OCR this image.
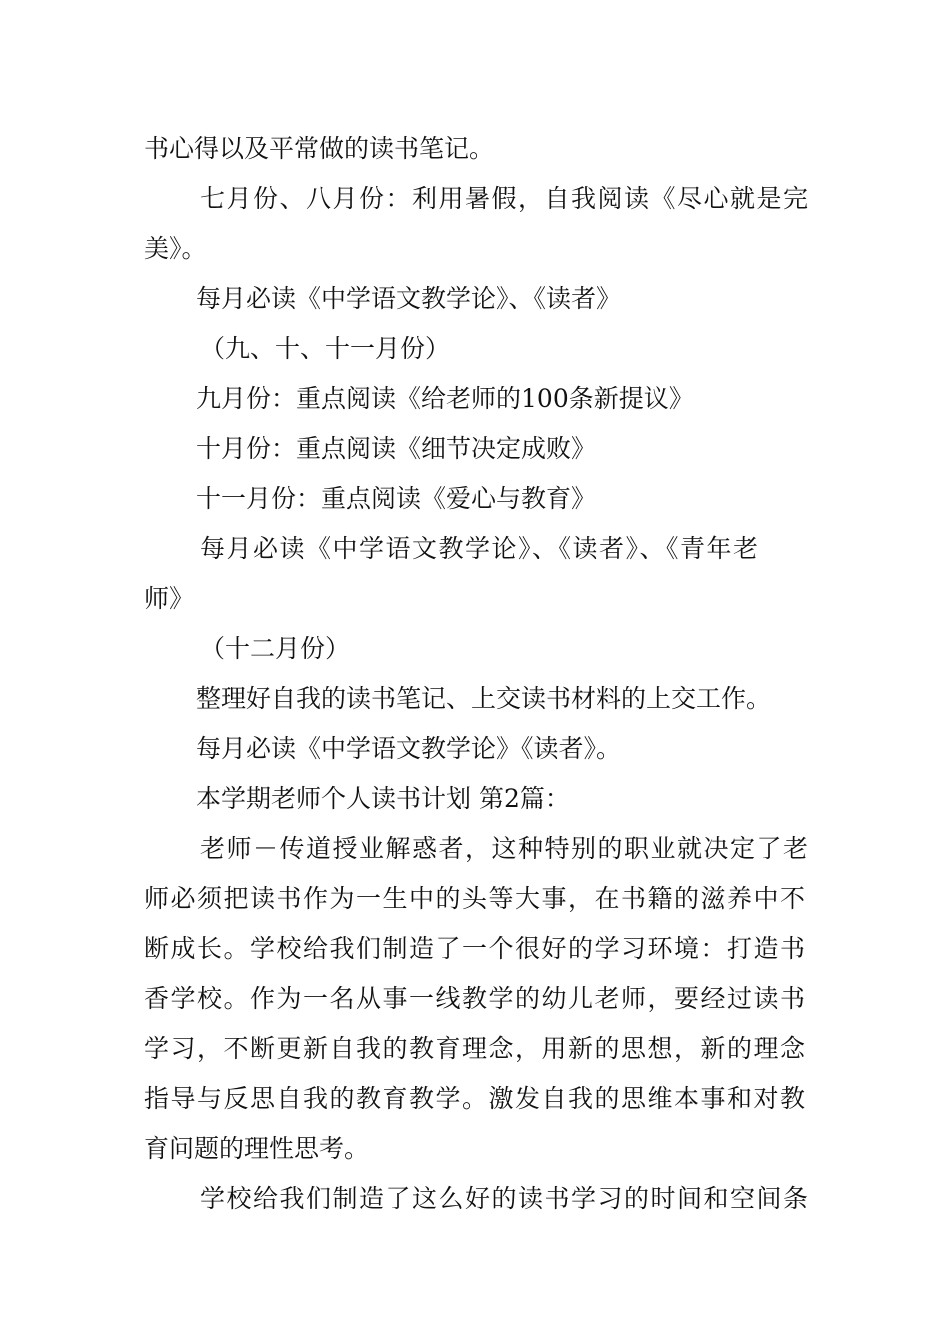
书心得以及平常做的读书笔记。
七月份、八月份：利用暑假，自我阅读《尽心就是完
美》。
每月必读《中学语文教学论》、《读者》
（九、十、十一月份）
九月份：重点阅读《给老师的100条新提议》
十月份：重点阅读《细节决定成败》
十一月份：重点阅读《爱心与教育》
每月必读《中学语文教学论》、《读者》、《青年老
师》
（十二月份）
整理好自我的读书笔记、上交读书材料的上交工作。
每月必读《中学语文教学论》《读者》。
本学期老师个人读书计划 第2篇：
老师－传道授业解惑者，这种特别的职业就决定了老
师必须把读书作为一生中的头等大事，在书籍的滋养中不
断成长。学校给我们制造了一个很好的学习环境：打造书
香学校。作为一名从事一线教学的幼儿老师，要经过读书
学习，不断更新自我的教育理念，用新的思想，新的理念
指导与反思自我的教育教学。激发自我的思维本事和对教
育问题的理性思考。
学校给我们制造了这么好的读书学习的时间和空间条
